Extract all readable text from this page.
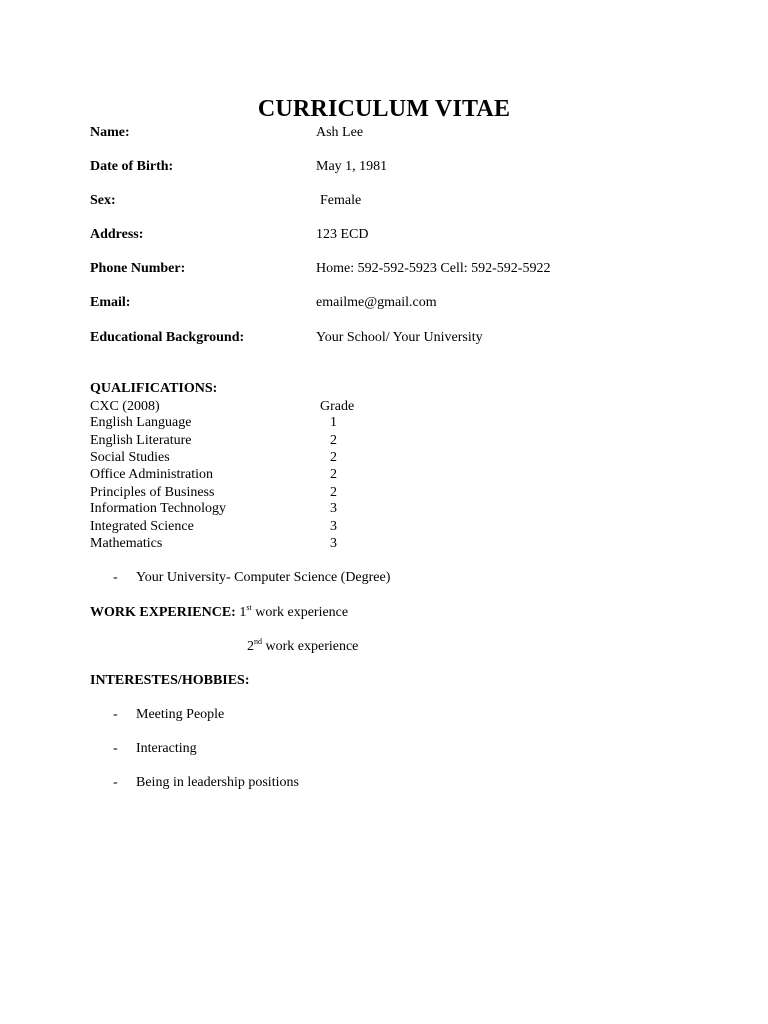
CURRICULUM VITAE
Name:	Ash Lee
Date of Birth:	May 1, 1981
Sex:	Female
Address:	123 ECD
Phone Number:	Home: 592-592-5923 Cell: 592-592-5922
Email:	emailme@gmail.com
Educational Background:	Your School/ Your University
QUALIFICATIONS:
CXC (2008)	Grade
English Language	1
English Literature	2
Social Studies	2
Office Administration	2
Principles of Business	2
Information Technology	3
Integrated Science	3
Mathematics	3
- Your University- Computer Science (Degree)
WORK EXPERIENCE: 1st work experience
2nd work experience
INTERESTES/HOBBIES:
- Meeting People
- Interacting
- Being in leadership positions
